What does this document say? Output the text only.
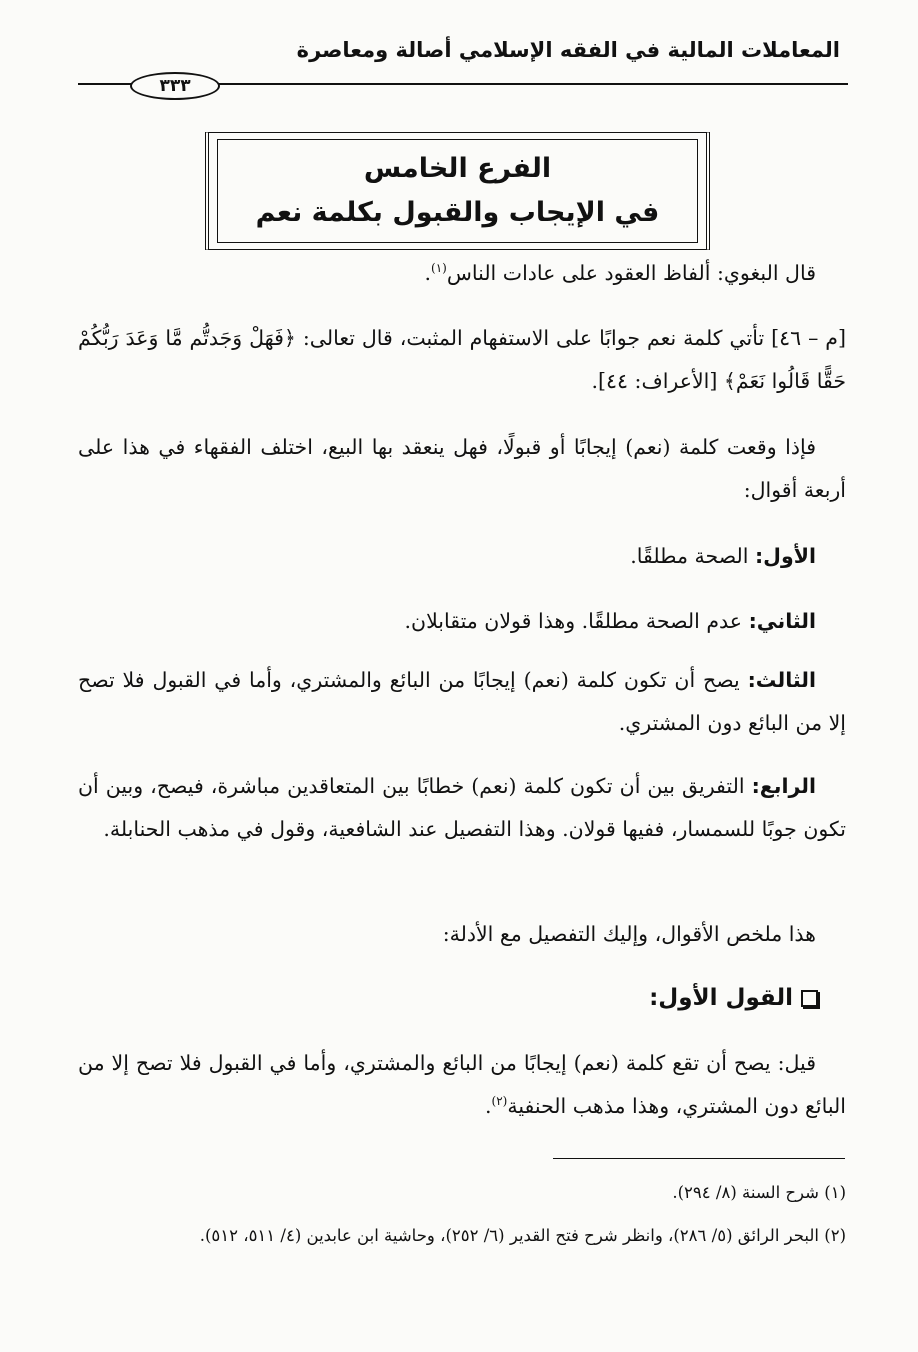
المعاملات المالية في الفقه الإسلامي أصالة ومعاصرة
٣٣٣
الفرع الخامس
في الإيجاب والقبول بكلمة نعم

قال البغوي: ألفاظ العقود على عادات الناس$^{(١)}$.

[م – ٤٦] تأتي كلمة نعم جوابًا على الاستفهام المثبت، قال تعالى: ﴿فَهَلْ وَجَدتُّم مَّا وَعَدَ رَبُّكُمْ حَقًّا قَالُوا نَعَمْ﴾ [الأعراف: ٤٤].

فإذا وقعت كلمة (نعم) إيجابًا أو قبولًا، فهل ينعقد بها البيع، اختلف الفقهاء في هذا على أربعة أقوال:

الأول: الصحة مطلقًا.

الثاني: عدم الصحة مطلقًا. وهذا قولان متقابلان.

الثالث: يصح أن تكون كلمة (نعم) إيجابًا من البائع والمشتري، وأما في القبول فلا تصح إلا من البائع دون المشتري.

الرابع: التفريق بين أن تكون كلمة (نعم) خطابًا بين المتعاقدين مباشرة، فيصح، وبين أن تكون جوبًا للسمسار، ففيها قولان. وهذا التفصيل عند الشافعية، وقول في مذهب الحنابلة.

هذا ملخص الأقوال، وإليك التفصيل مع الأدلة:

القول الأول:

قيل: يصح أن تقع كلمة (نعم) إيجابًا من البائع والمشتري، وأما في القبول فلا تصح إلا من البائع دون المشتري، وهذا مذهب الحنفية$^{(٢)}$.

(١) شرح السنة (٨/ ٢٩٤).

(٢) البحر الرائق (٥/ ٢٨٦)، وانظر شرح فتح القدير (٦/ ٢٥٢)، وحاشية ابن عابدين (٤/ ٥١١، ٥١٢).
